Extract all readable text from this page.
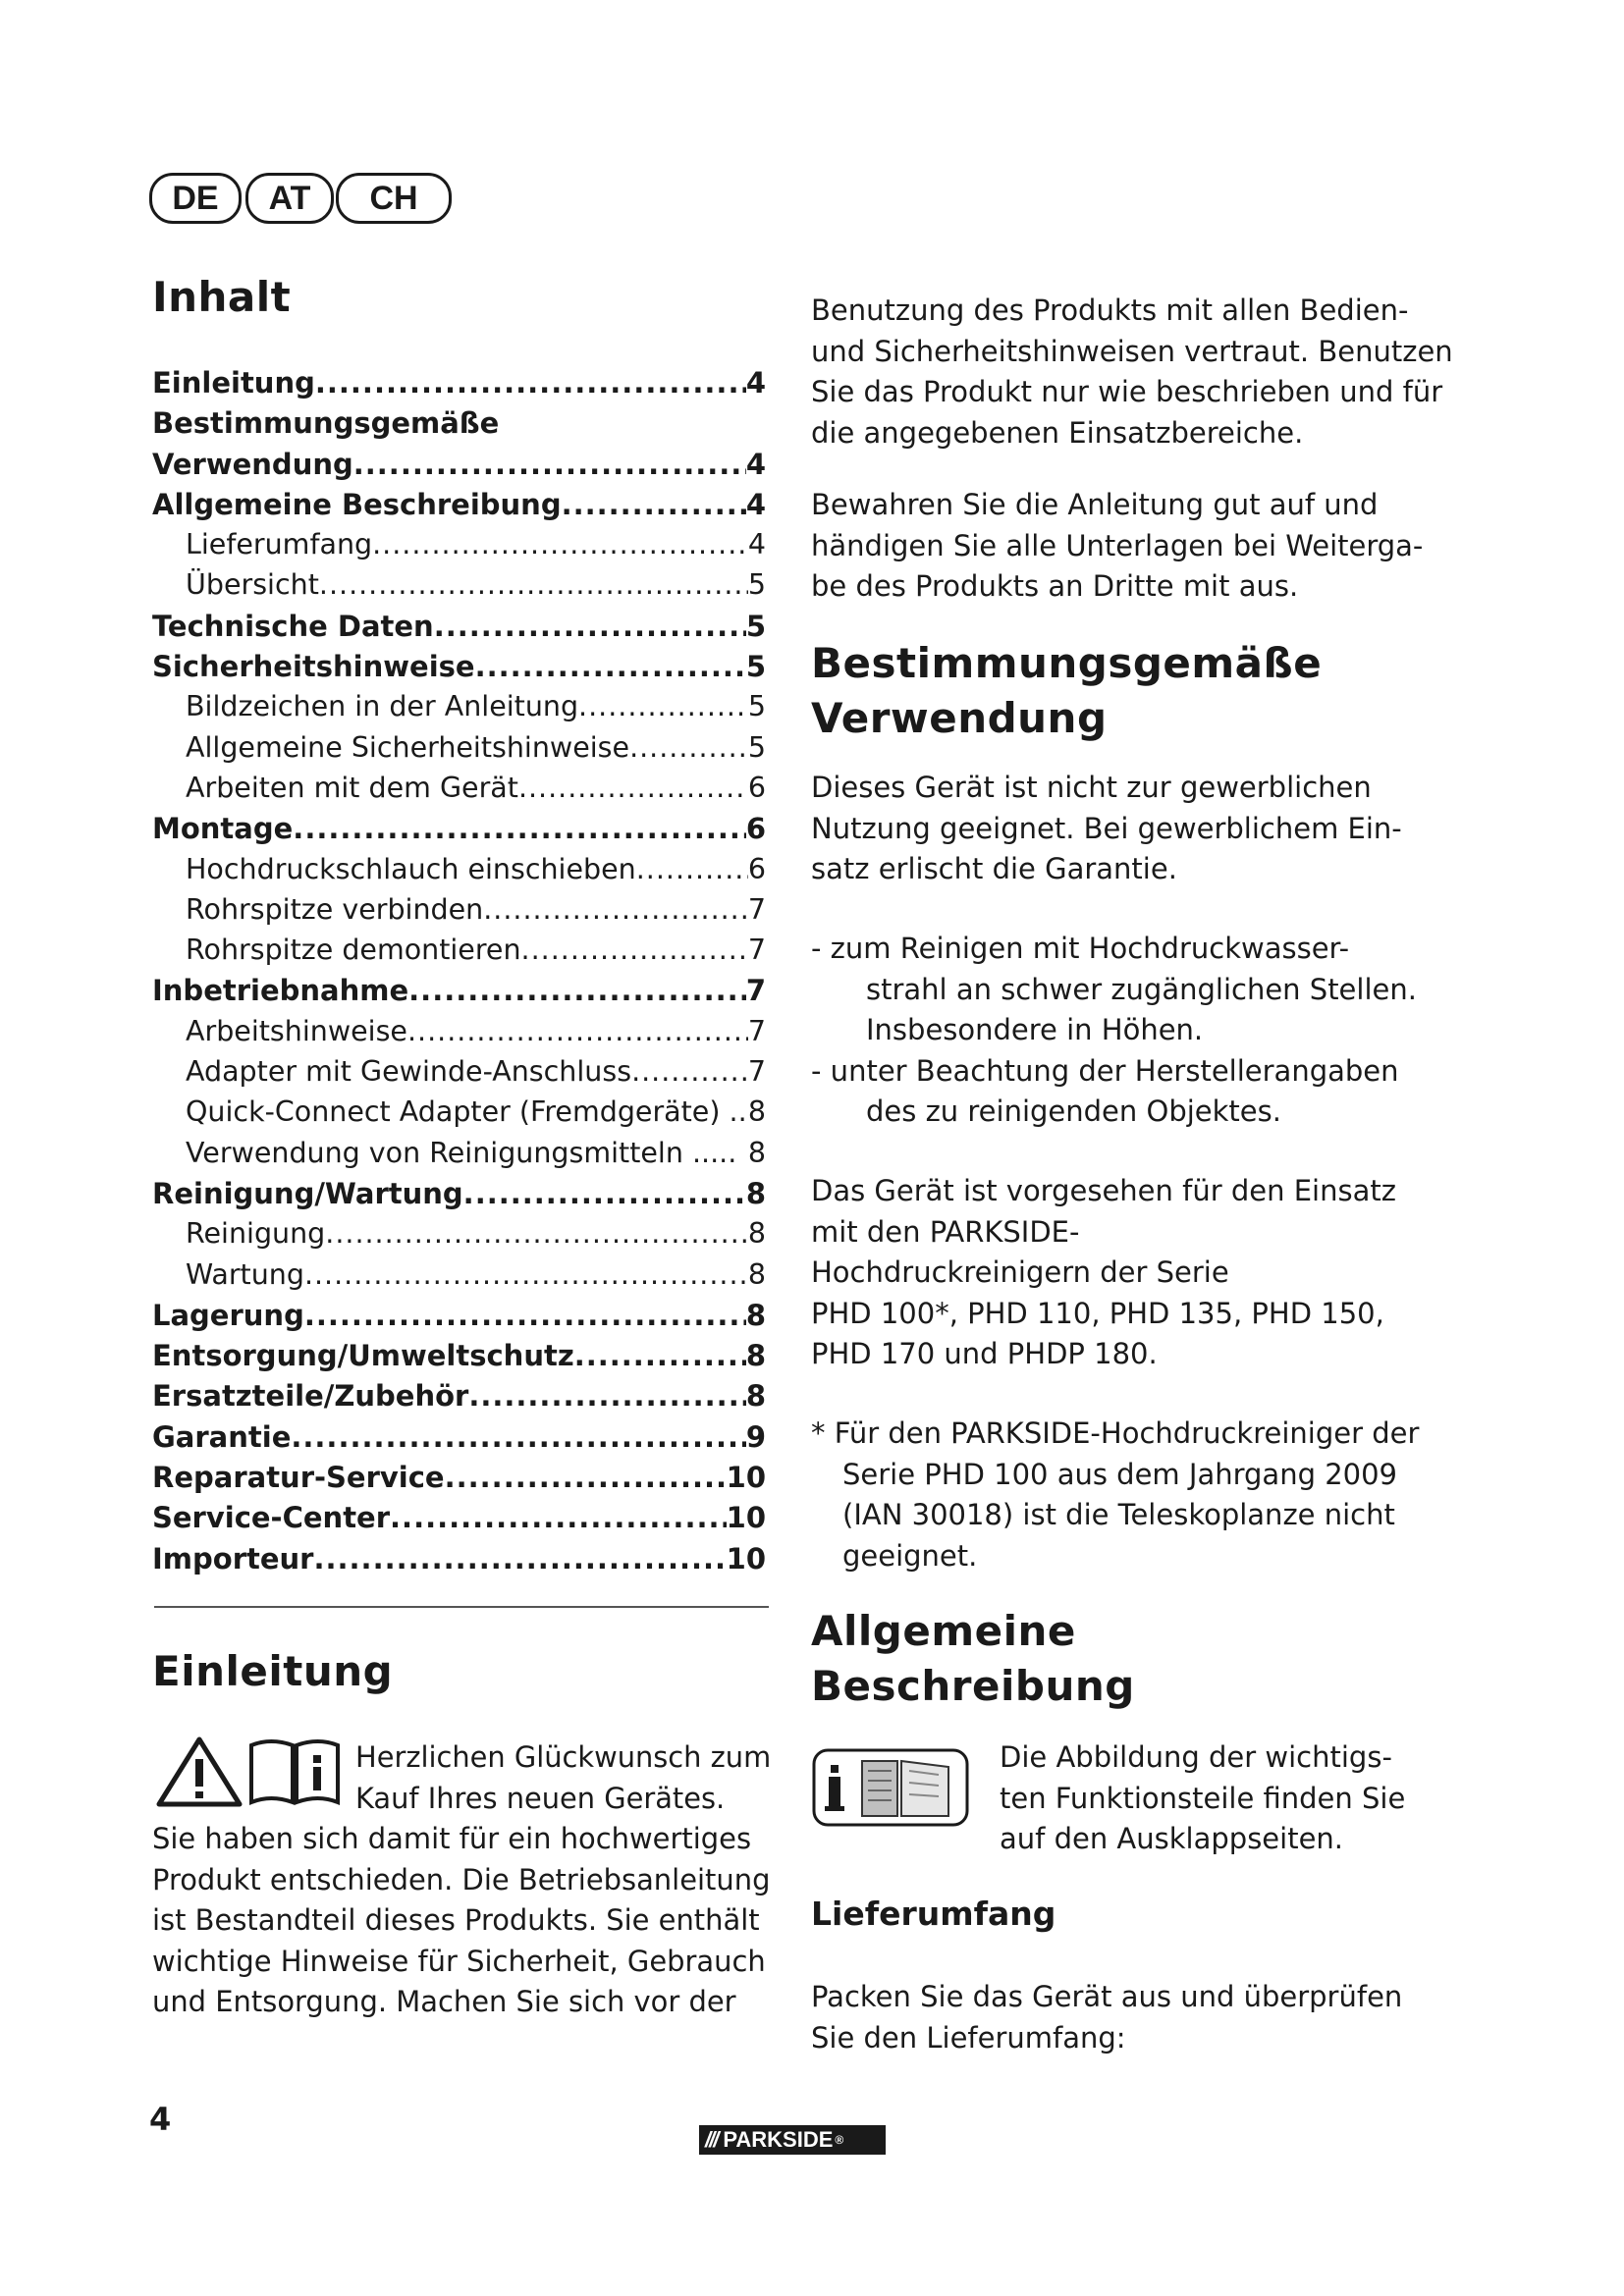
DE	AT	CH
Inhalt
Einleitung .....	4
Bestimmungsgemäße
Verwendung .....	4
Allgemeine Beschreibung .....	4
Lieferumfang .....	4
Übersicht .....	5
Technische Daten .....	5
Sicherheitshinweise .....	5
Bildzeichen in der Anleitung .....	5
Allgemeine Sicherheitshinweise .....	5
Arbeiten mit dem Gerät .....	6
Montage .....	6
Hochdruckschlauch einschieben .....	6
Rohrspitze verbinden .....	7
Rohrspitze demontieren .....	7
Inbetriebnahme .....	7
Arbeitshinweise .....	7
Adapter mit Gewinde-Anschluss .....	7
Quick-Connect Adapter (Fremdgeräte) .. 8
Verwendung von Reinigungsmitteln ..... 8
Reinigung/Wartung .....	8
Reinigung .....	8
Wartung .....	8
Lagerung .....	8
Entsorgung/Umweltschutz .....	8
Ersatzteile/Zubehör .....	8
Garantie .....	9
Reparatur-Service .....	10
Service-Center .....	10
Importeur .....	10
Einleitung
Herzlichen Glückwunsch zum
Kauf Ihres neuen Gerätes.
Sie haben sich damit für ein hochwertiges
Produkt entschieden. Die Betriebsanleitung
ist Bestandteil dieses Produkts. Sie enthält
wichtige Hinweise für Sicherheit, Gebrauch
und Entsorgung. Machen Sie sich vor der
Benutzung des Produkts mit allen Bedien-
und Sicherheitshinweisen vertraut. Benutzen
Sie das Produkt nur wie beschrieben und für
die angegebenen Einsatzbereiche.
Bewahren Sie die Anleitung gut auf und
händigen Sie alle Unterlagen bei Weiterga-
be des Produkts an Dritte mit aus.
Bestimmungsgemäße
Verwendung
Dieses Gerät ist nicht zur gewerblichen
Nutzung geeignet. Bei gewerblichem Ein-
satz erlischt die Garantie.
- zum Reinigen mit Hochdruckwasser-
strahl an schwer zugänglichen Stellen.
Insbesondere in Höhen.
- unter Beachtung der Herstellerangaben
des zu reinigenden Objektes.
Das Gerät ist vorgesehen für den Einsatz
mit den PARKSIDE-
Hochdruckreinigern der Serie
PHD 100*, PHD 110, PHD 135, PHD 150,
PHD 170 und PHDP 180.
* Für den PARKSIDE-Hochdruckreiniger der
Serie PHD 100 aus dem Jahrgang 2009
(IAN 30018) ist die Teleskoplanze nicht
geeignet.
Allgemeine
Beschreibung
Die Abbildung der wichtigs-
ten Funktionsteile finden Sie
auf den Ausklappseiten.
Lieferumfang
Packen Sie das Gerät aus und überprüfen
Sie den Lieferumfang:
4
/// PARKSIDE ®
